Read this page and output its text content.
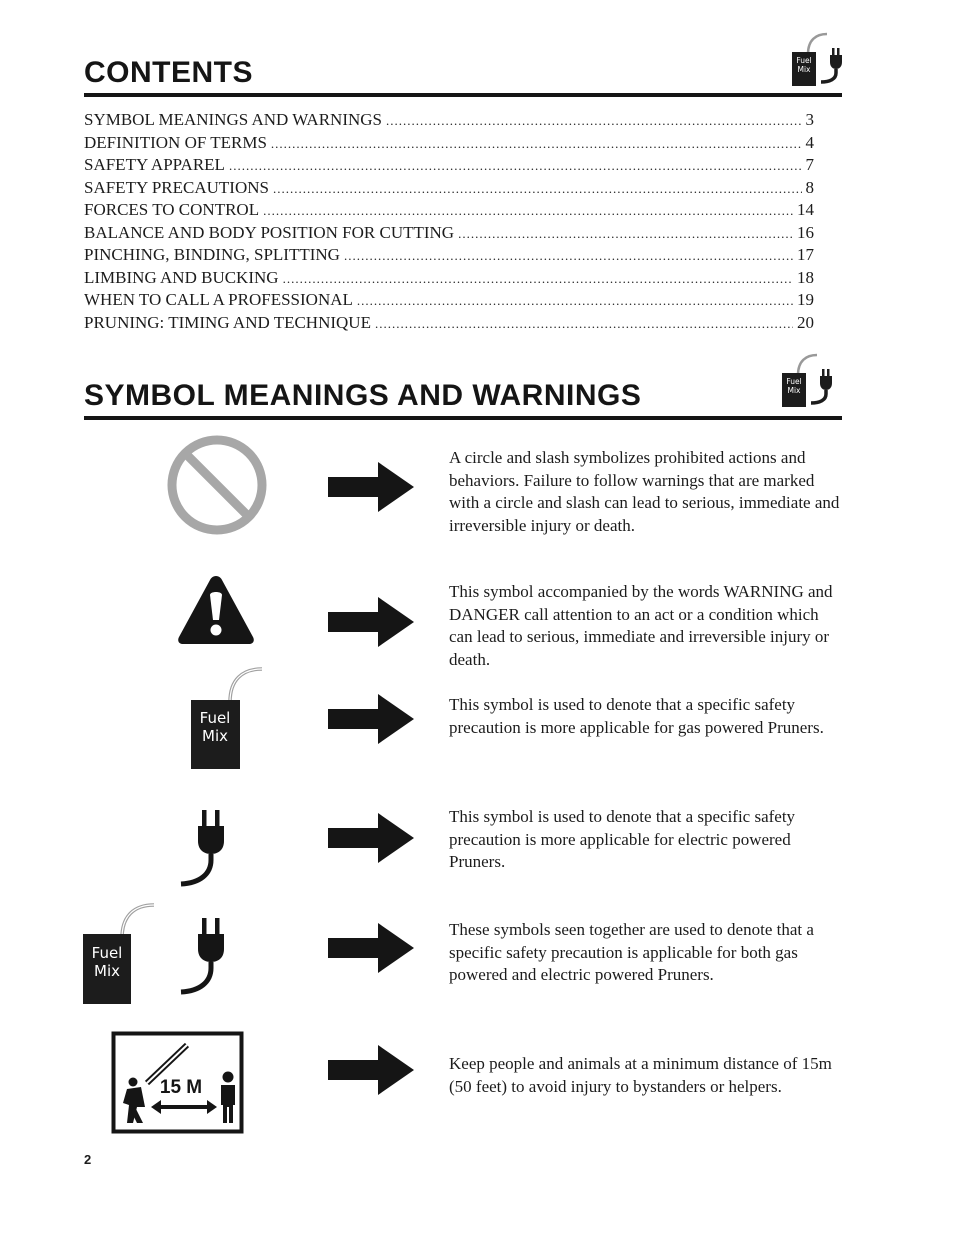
CONTENTS	Fuel
Mix
SYMBOL MEANINGS AND WARNINGS .....	3
DEFINITION OF TERMS .....	4
SAFETY APPAREL .....	7
SAFETY PRECAUTIONS .....	8
FORCES TO CONTROL .....	14
BALANCE AND BODY POSITION FOR CUTTING .....	16
PINCHING, BINDING, SPLITTING .....	17
LIMBING AND BUCKING .....	18
WHEN TO CALL A PROFESSIONAL .....	19
PRUNING: TIMING AND TECHNIQUE .....	20
SYMBOL MEANINGS AND WARNINGS	Fuel
Mix
A circle and slash symbolizes prohibited actions and behaviors. Failure to follow warnings that are marked with a circle and slash can lead to serious, immediate and irreversible injury or death.
This symbol accompanied by the words WARNING and DANGER call attention to an act or a condition which can lead to serious, immediate and irreversible injury or death.
Fuel
Mix
This symbol is used to denote that a specific safety precaution is more applicable for gas powered Pruners.
This symbol is used to denote that a specific safety precaution is more applicable for electric powered Pruners.
Fuel
Mix
These symbols seen together are used to denote that a specific safety precaution is applicable for both gas powered and electric powered Pruners.
15 M
Keep people and animals at a minimum distance of 15m (50 feet) to avoid injury to bystanders or helpers.
2
